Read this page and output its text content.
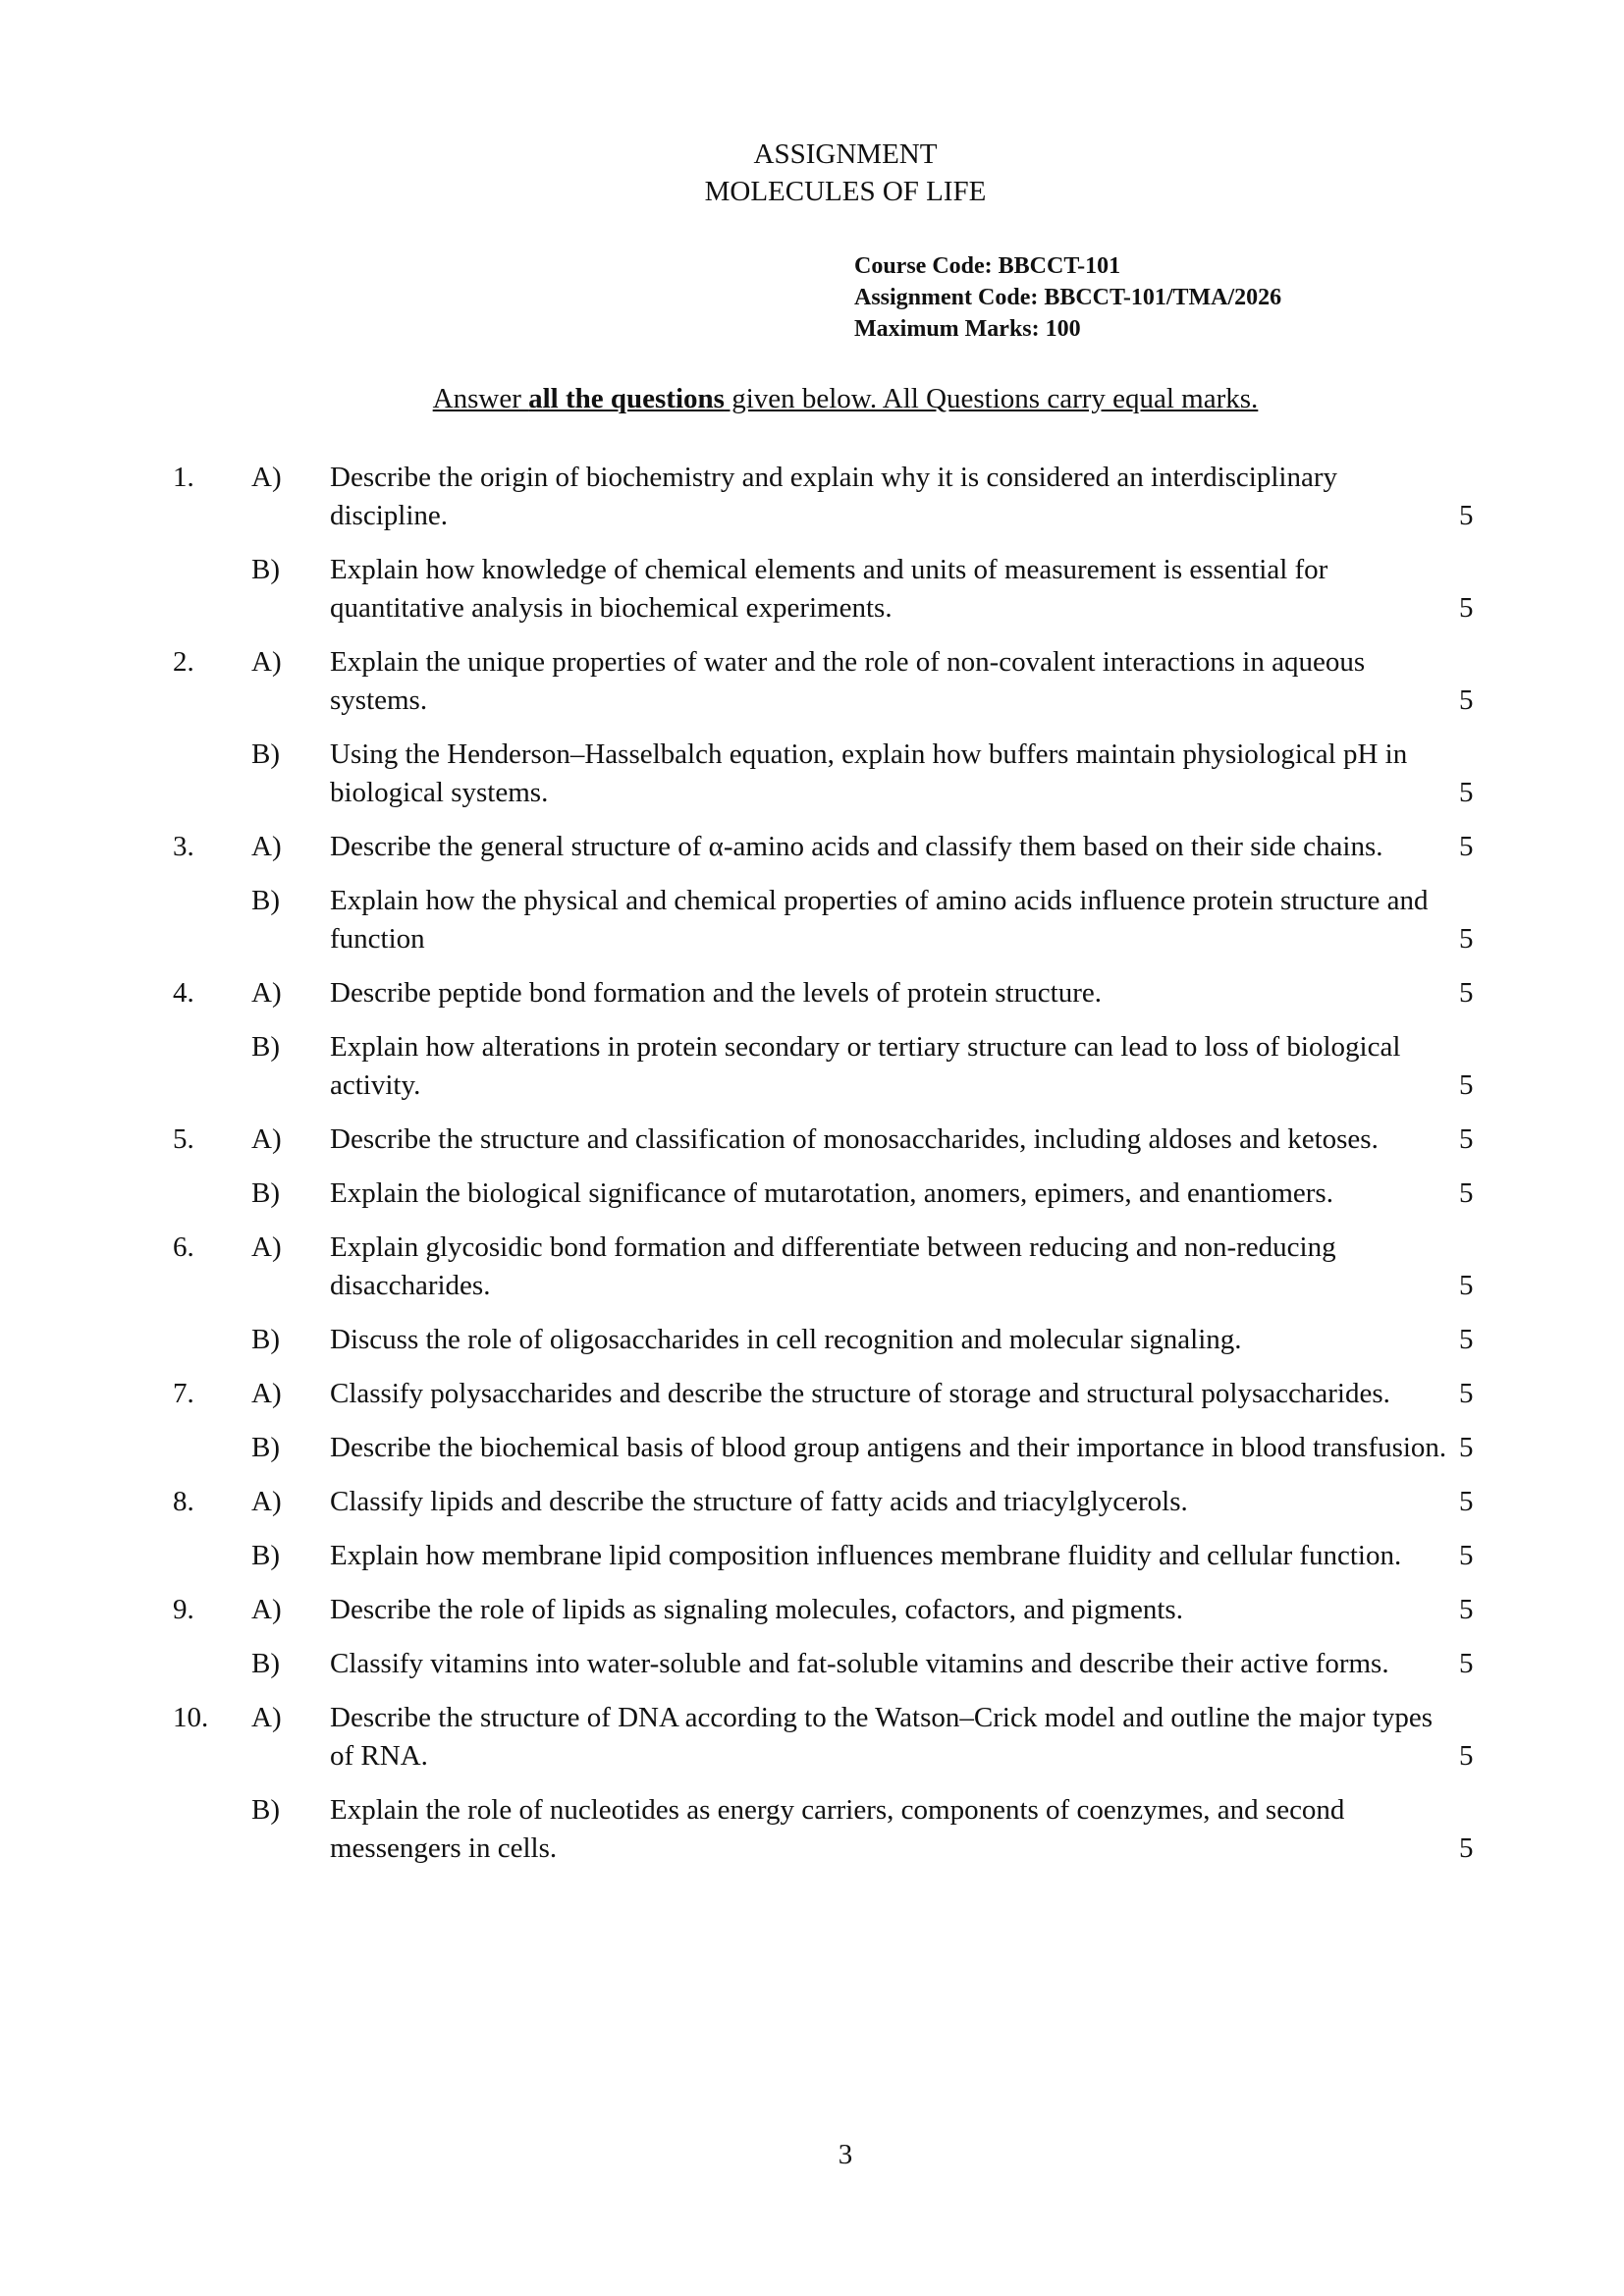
ASSIGNMENT
MOLECULES OF LIFE
Course Code: BBCCT-101
Assignment Code: BBCCT-101/TMA/2026
Maximum Marks: 100
Answer all the questions given below. All Questions carry equal marks.
1. A) Describe the origin of biochemistry and explain why it is considered an interdisciplinary discipline.	5
B) Explain how knowledge of chemical elements and units of measurement is essential for quantitative analysis in biochemical experiments.	5
2. A) Explain the unique properties of water and the role of non-covalent interactions in aqueous systems.	5
B) Using the Henderson–Hasselbalch equation, explain how buffers maintain physiological pH in biological systems.	5
3. A) Describe the general structure of α-amino acids and classify them based on their side chains.	5
B) Explain how the physical and chemical properties of amino acids influence protein structure and function	5
4. A) Describe peptide bond formation and the levels of protein structure.	5
B) Explain how alterations in protein secondary or tertiary structure can lead to loss of biological activity.	5
5. A) Describe the structure and classification of monosaccharides, including aldoses and ketoses.	5
B) Explain the biological significance of mutarotation, anomers, epimers, and enantiomers.	5
6. A) Explain glycosidic bond formation and differentiate between reducing and non-reducing disaccharides.	5
B) Discuss the role of oligosaccharides in cell recognition and molecular signaling.	5
7. A) Classify polysaccharides and describe the structure of storage and structural polysaccharides.	5
B) Describe the biochemical basis of blood group antigens and their importance in blood transfusion. 5
8. A) Classify lipids and describe the structure of fatty acids and triacylglycerols.	5
B) Explain how membrane lipid composition influences membrane fluidity and cellular function.	5
9. A) Describe the role of lipids as signaling molecules, cofactors, and pigments.	5
B) Classify vitamins into water-soluble and fat-soluble vitamins and describe their active forms.	5
10. A) Describe the structure of DNA according to the Watson–Crick model and outline the major types of RNA.	5
B) Explain the role of nucleotides as energy carriers, components of coenzymes, and second messengers in cells.	5
3
